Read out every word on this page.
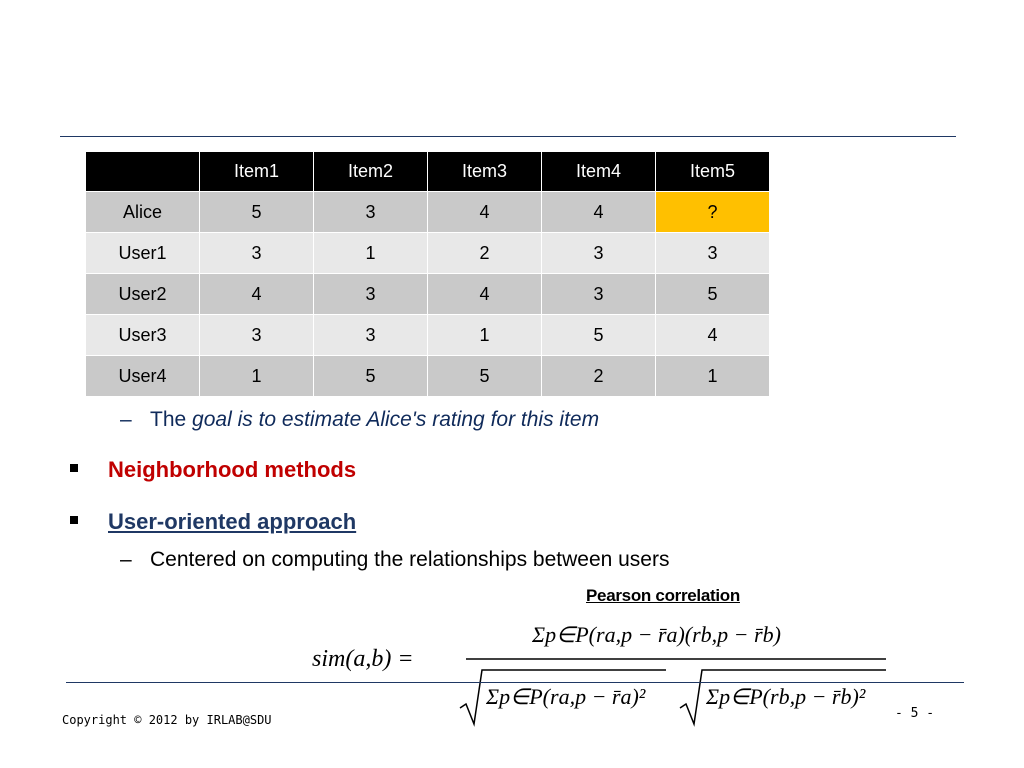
	Item1	Item2	Item3	Item4	Item5
Alice	5	3	4	4	?
User1	3	1	2	3	3
User2	4	3	4	3	5
User3	3	3	1	5	4
User4	1	5	5	2	1
– The goal is to estimate Alice's rating for this item
Neighborhood methods
User-oriented approach
– Centered on computing the relationships between users
Pearson correlation
sim(a,b) =
Σp∈P(ra,p − r̄a)(rb,p − r̄b)
Σp∈P(ra,p − r̄a)²	Σp∈P(rb,p − r̄b)²
Copyright © 2012 by IRLAB@SDU	- 5 -
